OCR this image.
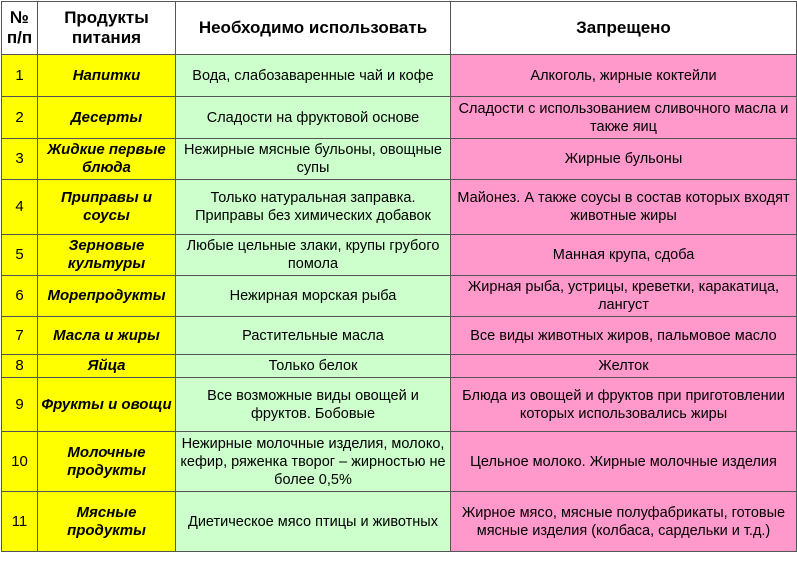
№ п/п	Продукты питания	Необходимо использовать	Запрещено
1	Напитки	Вода, слабозаваренные чай и кофе	Алкоголь, жирные коктейли
2	Десерты	Сладости на фруктовой основе	Сладости с использованием сливочного масла и также яиц
3	Жидкие первые блюда	Нежирные мясные бульоны, овощные супы	Жирные бульоны
4	Приправы и соусы	Только натуральная заправка. Приправы без химических добавок	Майонез. А также соусы в состав которых входят животные жиры
5	Зерновые культуры	Любые цельные злаки, крупы грубого помола	Манная крупа, сдоба
6	Морепродукты	Нежирная морская рыба	Жирная рыба, устрицы, креветки, каракатица, лангуст
7	Масла и жиры	Растительные масла	Все виды животных жиров, пальмовое масло
8	Яйца	Только белок	Желток
9	Фрукты и овощи	Все возможные виды овощей и фруктов. Бобовые	Блюда из овощей и фруктов при приготовлении которых использовались жиры
10	Молочные продукты	Нежирные молочные изделия, молоко, кефир, ряженка творог – жирностью не более 0,5%	Цельное молоко. Жирные молочные изделия
11	Мясные продукты	Диетическое мясо птицы и животных	Жирное мясо, мясные полуфабрикаты, готовые мясные изделия (колбаса, сардельки и т.д.)
